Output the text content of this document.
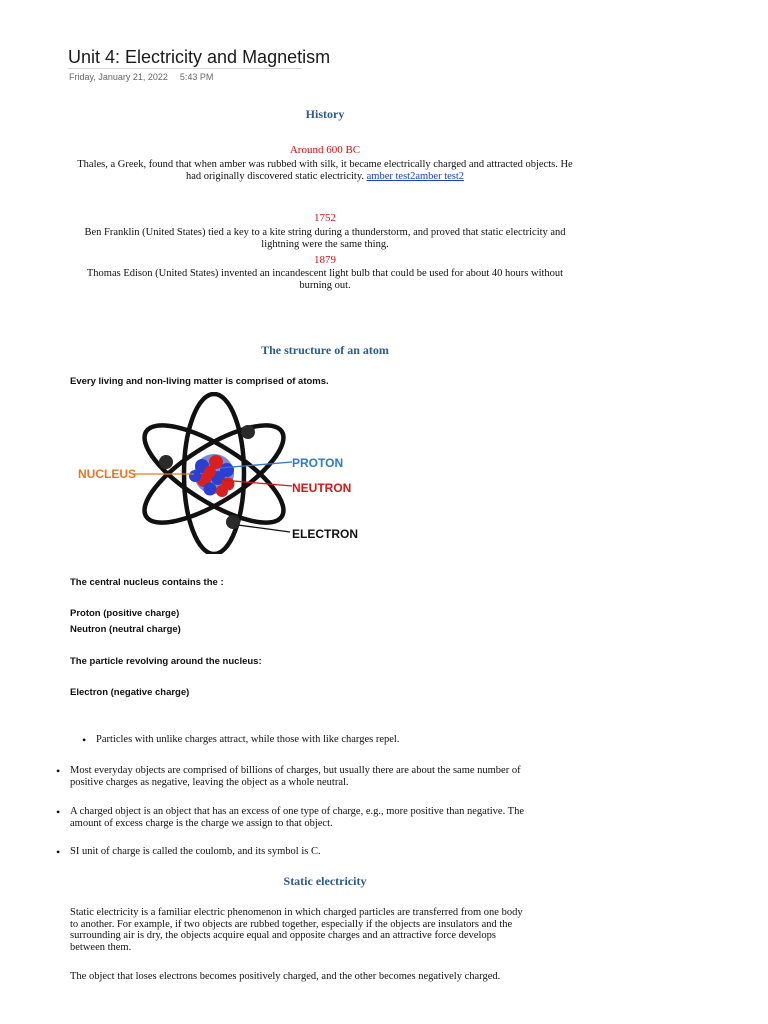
Unit 4: Electricity and Magnetism
Friday, January 21, 2022 5:43 PM
History
Around 600 BC
Thales, a Greek, found that when amber was rubbed with silk, it became electrically charged and attracted objects. He had originally discovered static electricity. amber test2amber test2
1752
Ben Franklin (United States) tied a key to a kite string during a thunderstorm, and proved that static electricity and lightning were the same thing.
1879
Thomas Edison (United States) invented an incandescent light bulb that could be used for about 40 hours without burning out.
The structure of an atom
Every living and non-living matter is comprised of atoms.
NUCLEUS
PROTON
NEUTRON
ELECTRON
The central nucleus contains the :
Proton (positive charge)
Neutron (neutral charge)
The particle revolving around the nucleus:
Electron (negative charge)
• Particles with unlike charges attract, while those with like charges repel.
• Most everyday objects are comprised of billions of charges, but usually there are about the same number of positive charges as negative, leaving the object as a whole neutral.
• A charged object is an object that has an excess of one type of charge, e.g., more positive than negative. The amount of excess charge is the charge we assign to that object.
• SI unit of charge is called the coulomb, and its symbol is C.
Static electricity
Static electricity is a familiar electric phenomenon in which charged particles are transferred from one body to another. For example, if two objects are rubbed together, especially if the objects are insulators and the surrounding air is dry, the objects acquire equal and opposite charges and an attractive force develops between them.
The object that loses electrons becomes positively charged, and the other becomes negatively charged.
